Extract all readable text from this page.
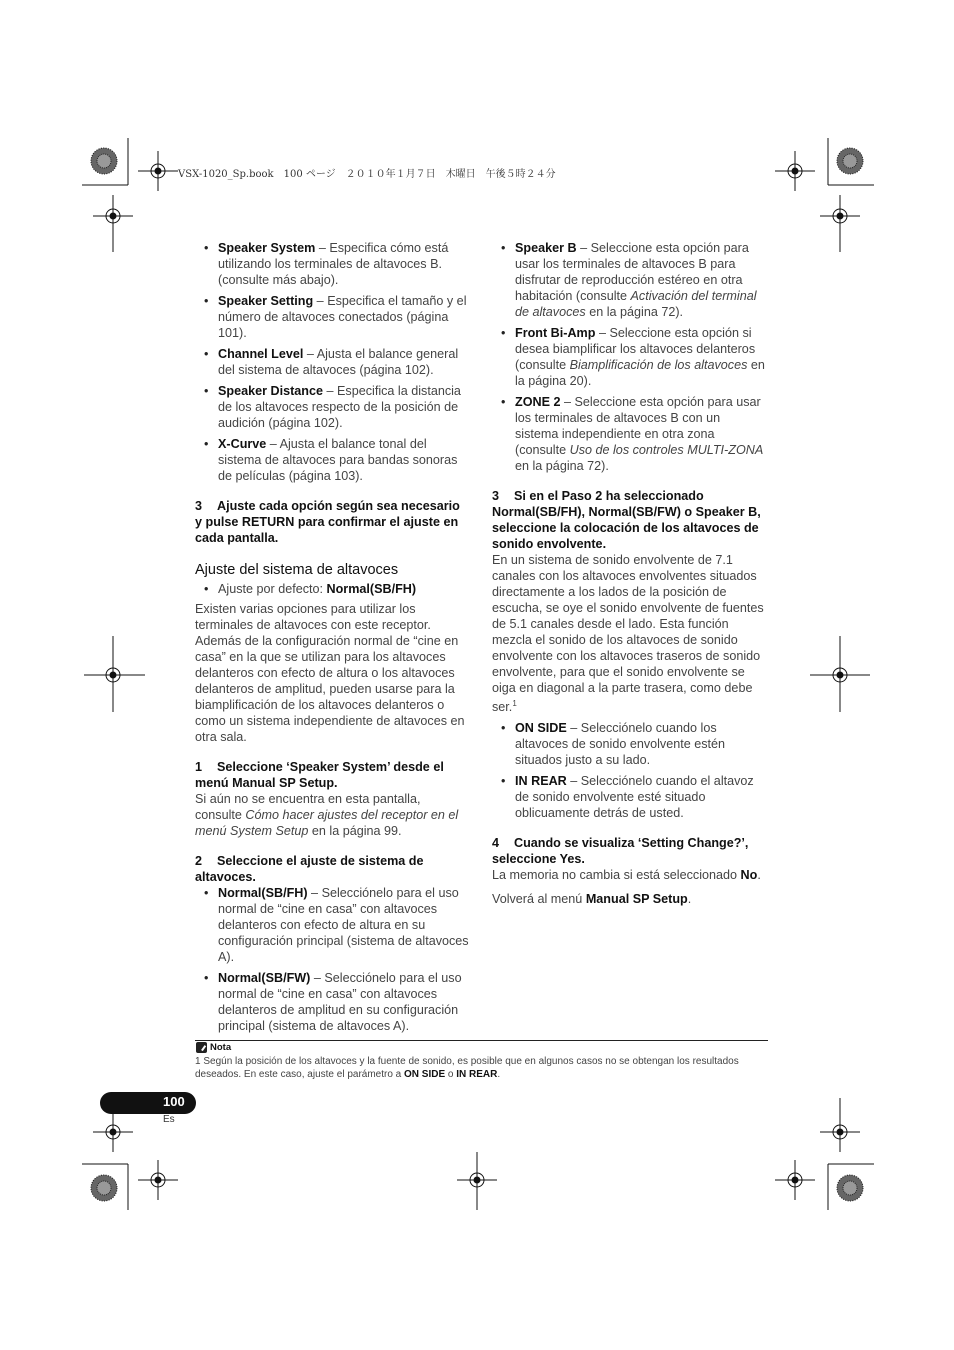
VSX-1020_Sp.book　100 ページ　２０１０年１月７日　木曜日　午後５時２４分
• Speaker System – Especifica cómo está utilizando los terminales de altavoces B. (consulte más abajo).
• Speaker Setting – Especifica el tamaño y el número de altavoces conectados (página 101).
• Channel Level – Ajusta el balance general del sistema de altavoces (página 102).
• Speaker Distance – Especifica la distancia de los altavoces respecto de la posición de audición (página 102).
• X-Curve – Ajusta el balance tonal del sistema de altavoces para bandas sonoras de películas (página 103).
3 Ajuste cada opción según sea necesario y pulse RETURN para confirmar el ajuste en cada pantalla.
Ajuste del sistema de altavoces
• Ajuste por defecto: Normal(SB/FH)
Existen varias opciones para utilizar los terminales de altavoces con este receptor. Además de la configuración normal de “cine en casa” en la que se utilizan para los altavoces delanteros con efecto de altura o los altavoces delanteros de amplitud, pueden usarse para la biamplificación de los altavoces delanteros o como un sistema independiente de altavoces en otra sala.
1 Seleccione ‘Speaker System’ desde el menú Manual SP Setup.
Si aún no se encuentra en esta pantalla, consulte Cómo hacer ajustes del receptor en el menú System Setup en la página 99.
2 Seleccione el ajuste de sistema de altavoces.
• Normal(SB/FH) – Selecciónelo para el uso normal de “cine en casa” con altavoces delanteros con efecto de altura en su configuración principal (sistema de altavoces A).
• Normal(SB/FW) – Selecciónelo para el uso normal de “cine en casa” con altavoces delanteros de amplitud en su configuración principal (sistema de altavoces A).
• Speaker B – Seleccione esta opción para usar los terminales de altavoces B para disfrutar de reproducción estéreo en otra habitación (consulte Activación del terminal de altavoces en la página 72).
• Front Bi-Amp – Seleccione esta opción si desea biamplificar los altavoces delanteros (consulte Biamplificación de los altavoces en la página 20).
• ZONE 2 – Seleccione esta opción para usar los terminales de altavoces B con un sistema independiente en otra zona (consulte Uso de los controles MULTI-ZONA en la página 72).
3 Si en el Paso 2 ha seleccionado Normal(SB/FH), Normal(SB/FW) o Speaker B, seleccione la colocación de los altavoces de sonido envolvente.
En un sistema de sonido envolvente de 7.1 canales con los altavoces envolventes situados directamente a los lados de la posición de escucha, se oye el sonido envolvente de fuentes de 5.1 canales desde el lado. Esta función mezcla el sonido de los altavoces de sonido envolvente con los altavoces traseros de sonido envolvente, para que el sonido envolvente se oiga en diagonal a la parte trasera, como debe ser.$^1$
• ON SIDE – Selecciónelo cuando los altavoces de sonido envolvente estén situados justo a su lado.
• IN REAR – Selecciónelo cuando el altavoz de sonido envolvente esté situado oblicuamente detrás de usted.
4 Cuando se visualiza ‘Setting Change?’, seleccione Yes.
La memoria no cambia si está seleccionado No.
Volverá al menú Manual SP Setup.
Nota
1 Según la posición de los altavoces y la fuente de sonido, es posible que en algunos casos no se obtengan los resultados deseados. En este caso, ajuste el parámetro a ON SIDE o IN REAR.
100
Es
